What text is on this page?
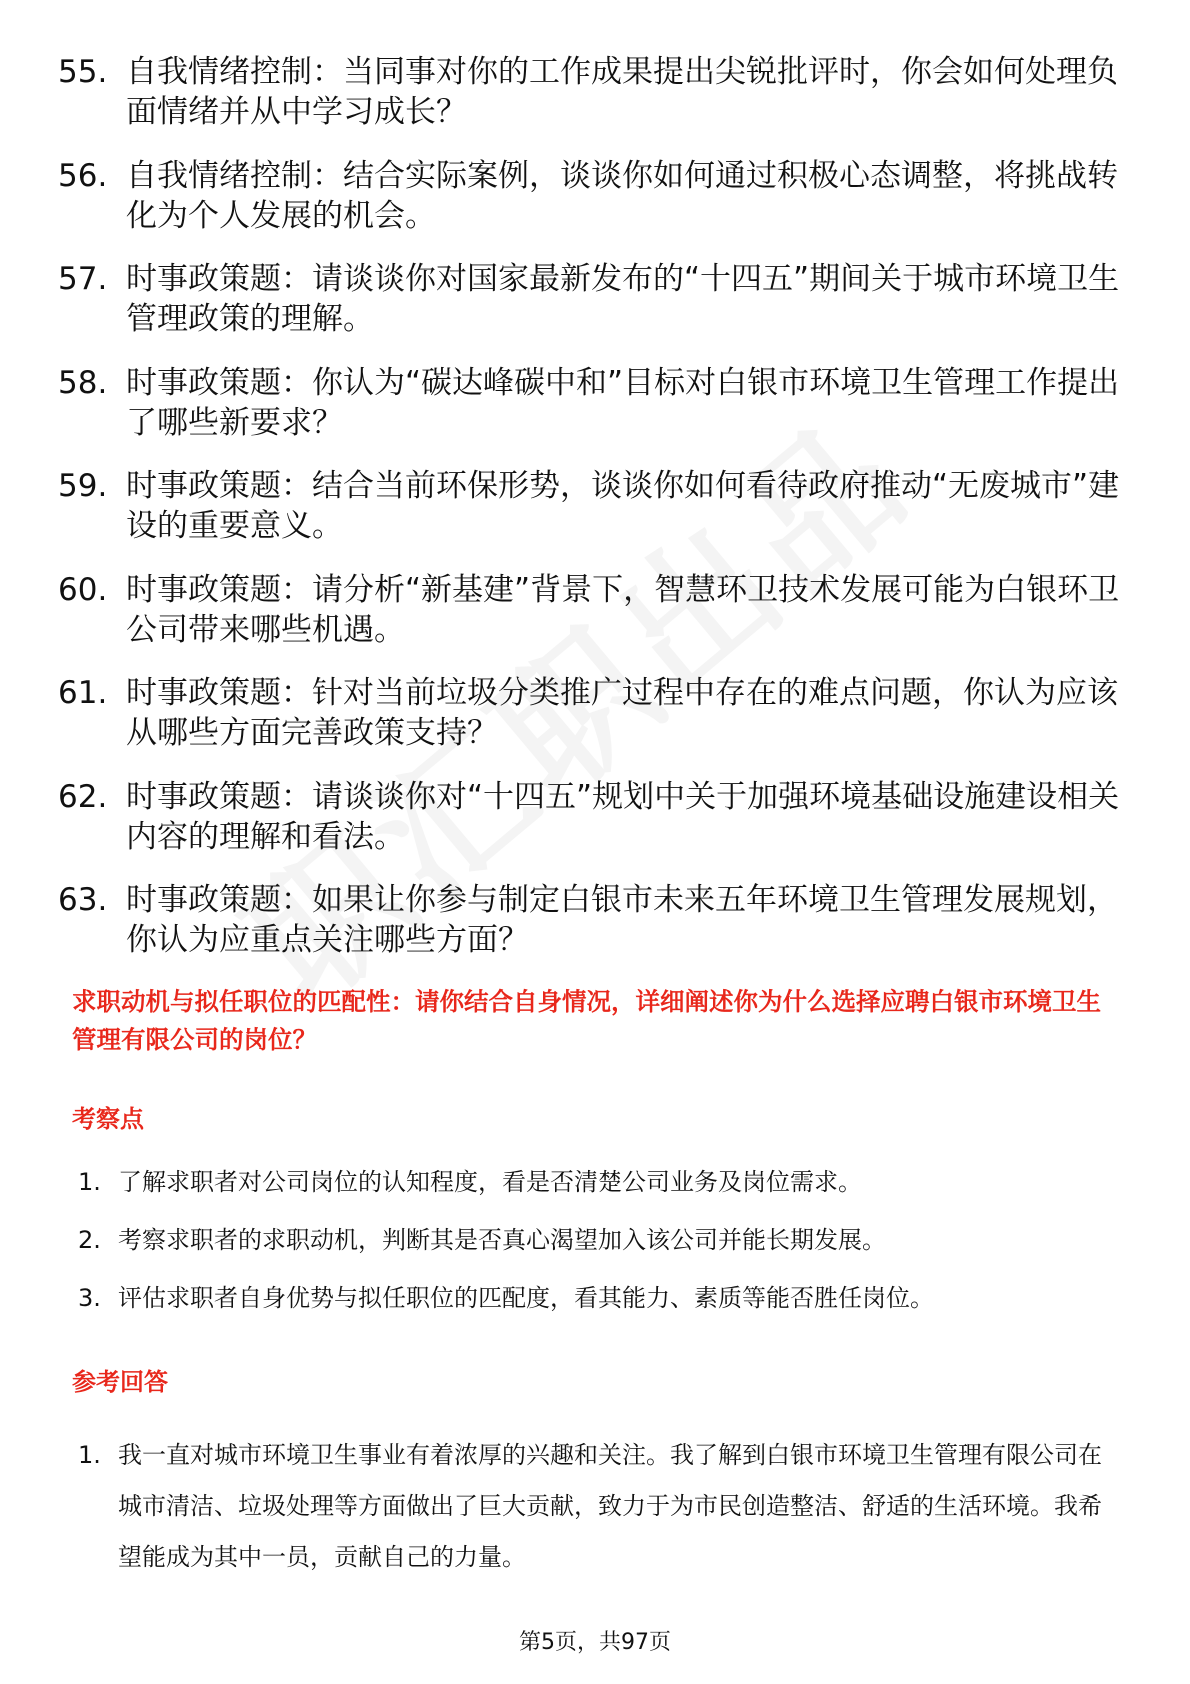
55. 自我情绪控制：当同事对你的工作成果提出尖锐批评时，你会如何处理负面情绪并从中学习成长？
56. 自我情绪控制：结合实际案例，谈谈你如何通过积极心态调整，将挑战转化为个人发展的机会。
57. 时事政策题：请谈谈你对国家最新发布的“十四五”期间关于城市环境卫生管理政策的理解。
58. 时事政策题：你认为“碳达峰碳中和”目标对白银市环境卫生管理工作提出了哪些新要求？
59. 时事政策题：结合当前环保形势，谈谈你如何看待政府推动“无废城市”建设的重要意义。
60. 时事政策题：请分析“新基建”背景下，智慧环卫技术发展可能为白银环卫公司带来哪些机遇。
61. 时事政策题：针对当前垃圾分类推广过程中存在的难点问题，你认为应该从哪些方面完善政策支持？
62. 时事政策题：请谈谈你对“十四五”规划中关于加强环境基础设施建设相关内容的理解和看法。
63. 时事政策题：如果让你参与制定白银市未来五年环境卫生管理发展规划，你认为应重点关注哪些方面？
求职动机与拟任职位的匹配性：请你结合自身情况，详细阐述你为什么选择应聘白银市环境卫生管理有限公司的岗位？
考察点
1. 了解求职者对公司岗位的认知程度，看是否清楚公司业务及岗位需求。
2. 考察求职者的求职动机，判断其是否真心渴望加入该公司并能长期发展。
3. 评估求职者自身优势与拟任职位的匹配度，看其能力、素质等能否胜任岗位。
参考回答
1. 我一直对城市环境卫生事业有着浓厚的兴趣和关注。我了解到白银市环境卫生管理有限公司在城市清洁、垃圾处理等方面做出了巨大贡献，致力于为市民创造整洁、舒适的生活环境。我希望能成为其中一员，贡献自己的力量。
第5页，共97页
